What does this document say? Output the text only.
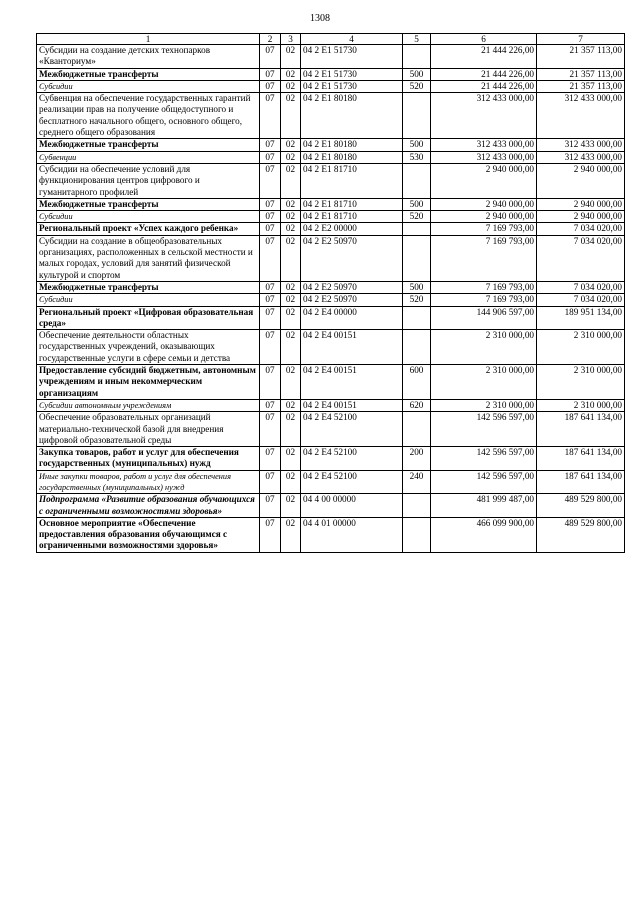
1308
1	2	3	4	5	6	7
Субсидии на создание детских технопарков «Кванториум»	07	02	04 2 E1 51730		21 444 226,00	21 357 113,00
Межбюджетные трансферты	07	02	04 2 E1 51730	500	21 444 226,00	21 357 113,00
Субсидии	07	02	04 2 E1 51730	520	21 444 226,00	21 357 113,00
Субвенция на обеспечение государственных гарантий реализации прав на получение общедоступного и бесплатного начального общего, основного общего, среднего общего образования	07	02	04 2 E1 80180		312 433 000,00	312 433 000,00
Межбюджетные трансферты	07	02	04 2 E1 80180	500	312 433 000,00	312 433 000,00
Субвенции	07	02	04 2 E1 80180	530	312 433 000,00	312 433 000,00
Субсидии на обеспечение условий для функционирования центров цифрового и гуманитарного профилей	07	02	04 2 E1 81710		2 940 000,00	2 940 000,00
Межбюджетные трансферты	07	02	04 2 E1 81710	500	2 940 000,00	2 940 000,00
Субсидии	07	02	04 2 E1 81710	520	2 940 000,00	2 940 000,00
Региональный проект «Успех каждого ребенка»	07	02	04 2 E2 00000		7 169 793,00	7 034 020,00
Субсидии на создание в общеобразовательных организациях, расположенных в сельской местности и малых городах, условий для занятий физической культурой и спортом	07	02	04 2 E2 50970		7 169 793,00	7 034 020,00
Межбюджетные трансферты	07	02	04 2 E2 50970	500	7 169 793,00	7 034 020,00
Субсидии	07	02	04 2 E2 50970	520	7 169 793,00	7 034 020,00
Региональный проект «Цифровая образовательная среда»	07	02	04 2 E4 00000		144 906 597,00	189 951 134,00
Обеспечение деятельности областных государственных учреждений, оказывающих государственные услуги в сфере семьи и детства	07	02	04 2 E4 00151		2 310 000,00	2 310 000,00
Предоставление субсидий бюджетным, автономным учреждениям и иным некоммерческим организациям	07	02	04 2 E4 00151	600	2 310 000,00	2 310 000,00
Субсидии автономным учреждениям	07	02	04 2 E4 00151	620	2 310 000,00	2 310 000,00
Обеспечение образовательных организаций материально-технической базой для внедрения цифровой образовательной среды	07	02	04 2 E4 52100		142 596 597,00	187 641 134,00
Закупка товаров, работ и услуг для обеспечения государственных (муниципальных) нужд	07	02	04 2 E4 52100	200	142 596 597,00	187 641 134,00
Иные закупки товаров, работ и услуг для обеспечения государственных (муниципальных) нужд	07	02	04 2 E4 52100	240	142 596 597,00	187 641 134,00
Подпрограмма «Развитие образования обучающихся с ограниченными возможностями здоровья»	07	02	04 4 00 00000		481 999 487,00	489 529 800,00
Основное мероприятие «Обеспечение предоставления образования обучающимся с ограниченными возможностями здоровья»	07	02	04 4 01 00000		466 099 900,00	489 529 800,00
